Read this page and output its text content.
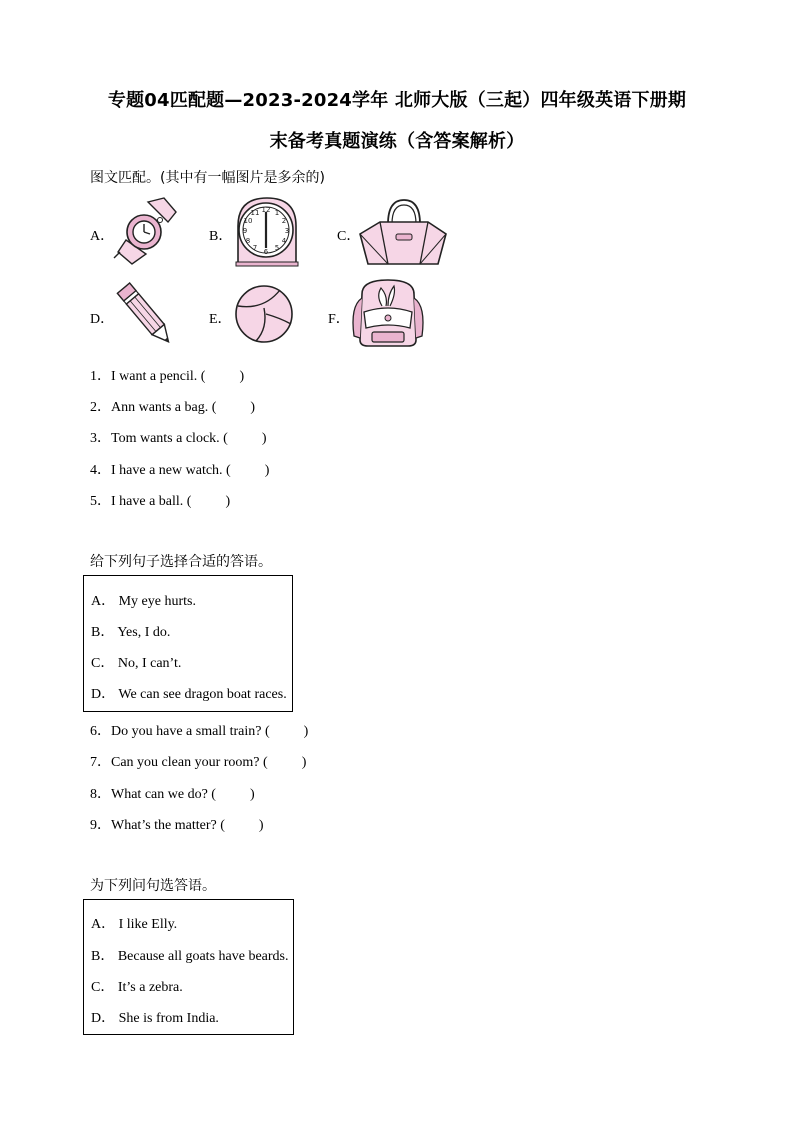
专题04匹配题—2023-2024学年 北师大版（三起）四年级英语下册期
末备考真题演练（含答案解析）
图文匹配。(其中有一幅图片是多余的)
A．	B．
12 1
2
3
4
5
6
7
8
9
10
11
C．
D．	E．	F．
1．I want a pencil. ( )
2．Ann wants a bag. ( )
3．Tom wants a clock. ( )
4．I have a new watch. ( )
5．I have a ball. ( )
给下列句子选择合适的答语。
A． My eye hurts.
B． Yes, I do.
C． No, I can’t.
D． We can see dragon boat races.
6．Do you have a small train? ( )
7．Can you clean your room? ( )
8．What can we do? ( )
9．What’s the matter? ( )
为下列问句选答语。
A． I like Elly.
B． Because all goats have beards.
C． It’s a zebra.
D． She is from India.
